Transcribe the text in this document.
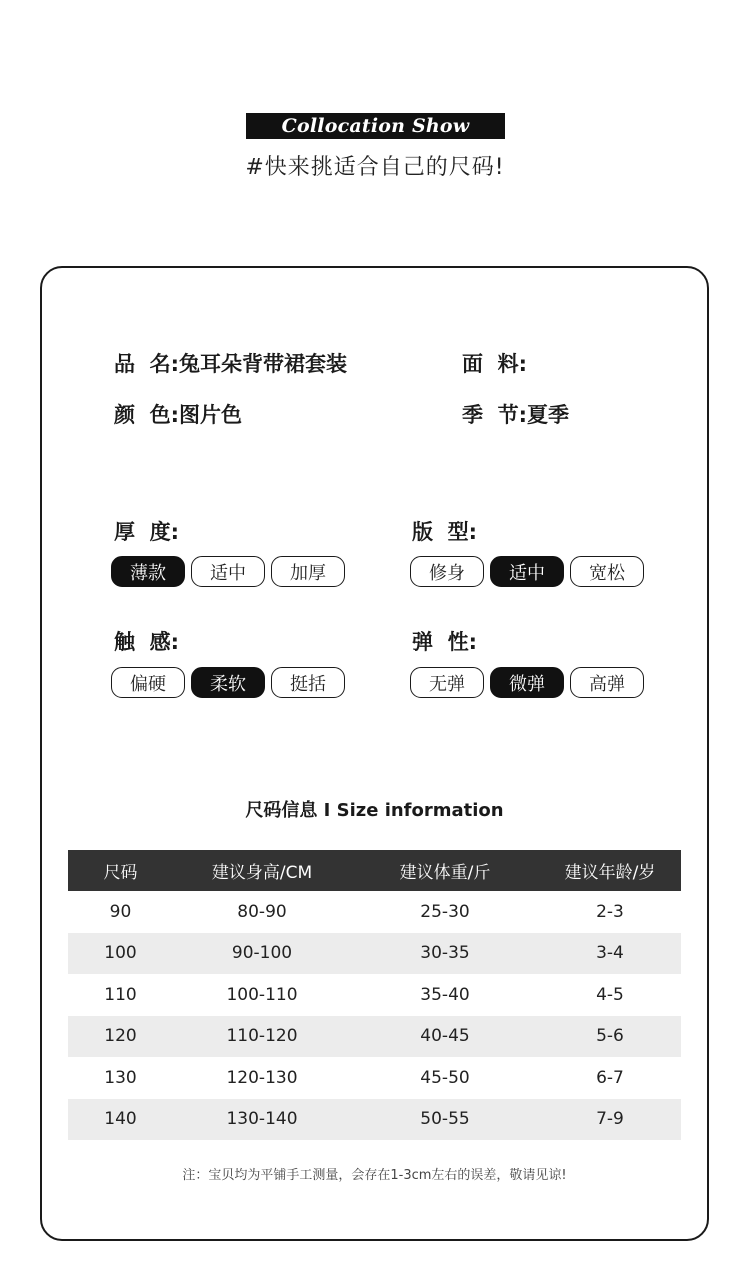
Collocation Show
#快来挑适合自己的尺码!
品  名:兔耳朵背带裙套装	面  料:
颜  色:图片色	季  节:夏季
厚  度:
薄款	适中	加厚
版  型:
修身	适中	宽松
触  感:
偏硬	柔软	挺括
弹  性:
无弹	微弹	高弹
尺码信息 I Size information
尺码	建议身高/CM	建议体重/斤	建议年龄/岁
90	80-90	25-30	2-3
100	90-100	30-35	3-4
110	100-110	35-40	4-5
120	110-120	40-45	5-6
130	120-130	45-50	6-7
140	130-140	50-55	7-9
注：宝贝均为平铺手工测量，会存在1-3cm左右的误差，敬请见谅!
